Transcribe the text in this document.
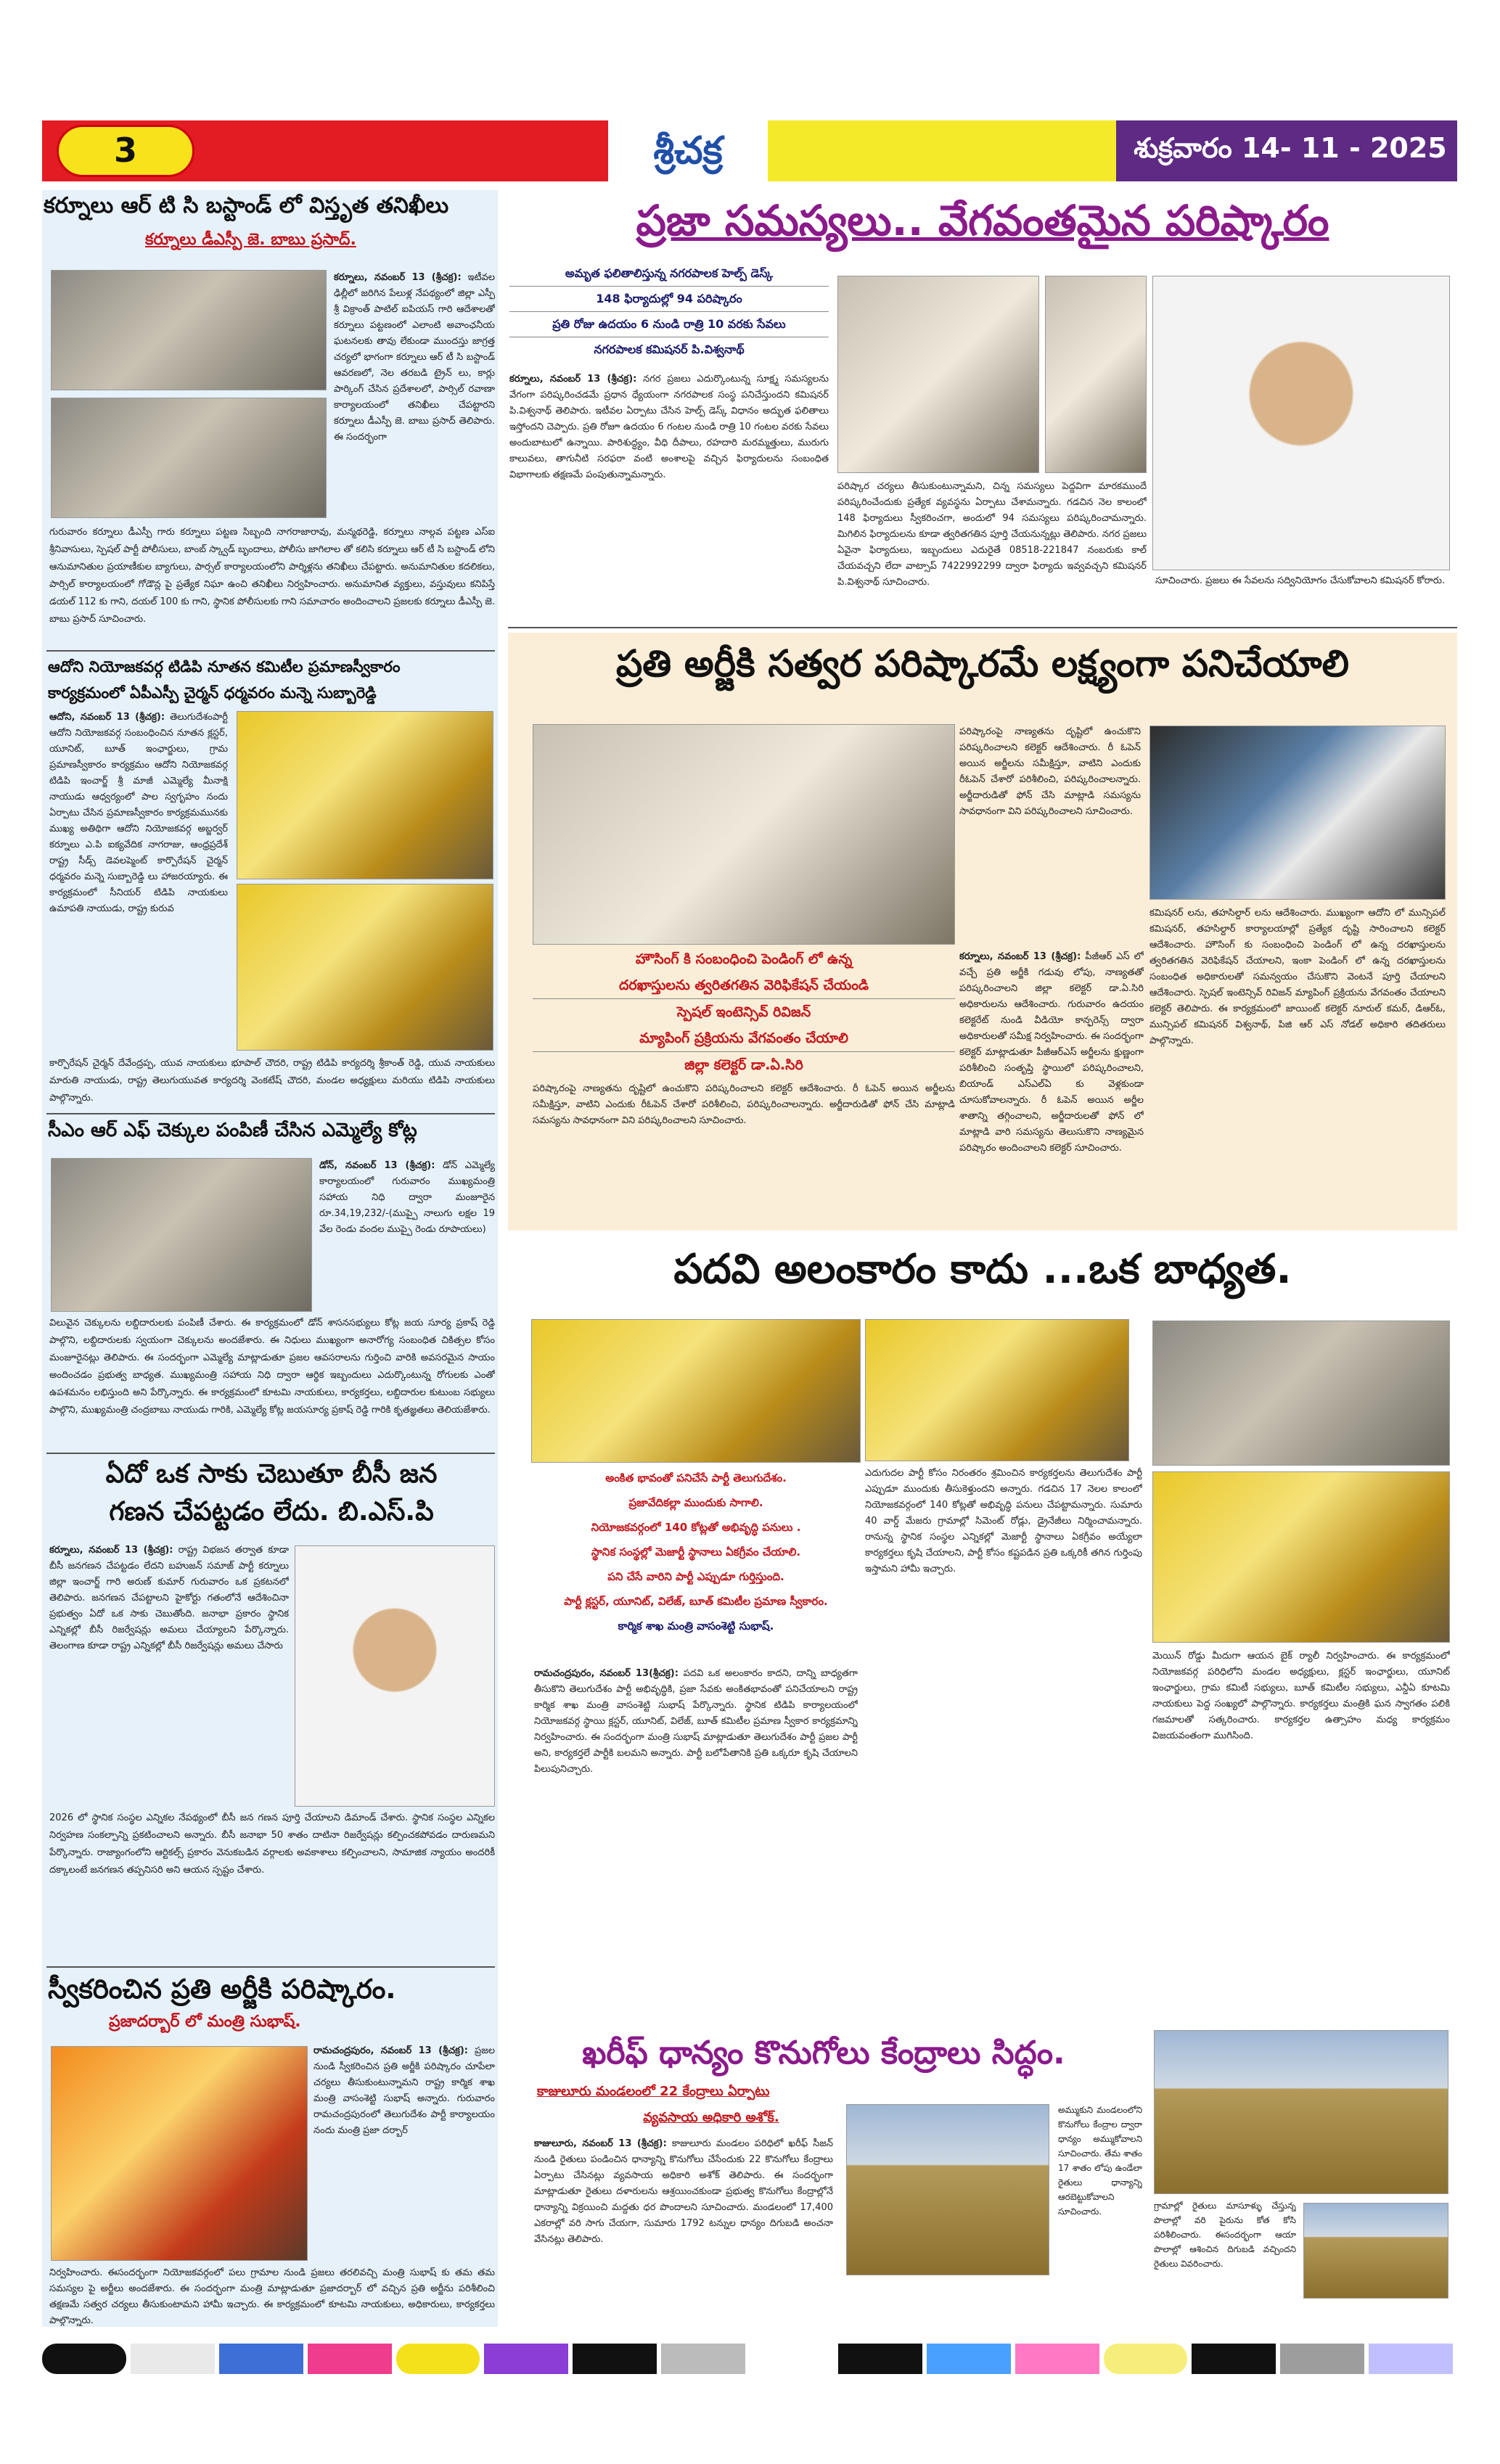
3	శ్రీచక్ర	శుక్రవారం 14- 11 - 2025
కర్నూలు ఆర్ టి సి బస్టాండ్ లో విస్తృత తనిఖీలు
కర్నూలు డీఎస్పీ జె. బాబు ప్రసాద్.
కర్నూలు, నవంబర్ 13 (శ్రీచక్ర): ఇటీవల ఢిల్లీలో జరిగిన పేలుళ్ల నేపథ్యంలో జిల్లా ఎస్పీ శ్రీ విక్రాంత్ పాటిల్ ఐపియస్ గారి ఆదేశాలతో కర్నూలు పట్టణంలో ఎలాంటి అవాంఛనీయ ఘటనలకు తావు లేకుండా ముందస్తు జాగ్రత్త చర్యలో భాగంగా కర్నూలు ఆర్ టీ సి బస్టాండ్ ఆవరణలో, నెల తరబడి ట్రైన్ లు, కార్లు పార్కింగ్ చేసిన ప్రదేశాలలో, పార్సిల్ రవాణా కార్యాలయంలో తనిఖీలు చేపట్టారని కర్నూలు డీఎస్పీ జె. బాబు ప్రసాద్ తెలిపారు. ఈ సందర్భంగా
గురువారం కర్నూలు డీఎస్పీ గారు కర్నూలు పట్టణ సిబ్బంది నాగరాజారావు, మన్మథరెడ్డి, కర్నూలు నాల్గవ పట్టణ ఎస్ఐ శ్రీనివాసులు, స్పెషల్ పార్టీ పోలీసులు, బాంబ్ స్క్వాడ్ బృందాలు, పోలీసు జాగిలాల తో కలిసి కర్నూలు ఆర్ టీ సి బస్టాండ్ లోని ఆనుమానితుల ప్రయాణీకుల బ్యాగులు, పార్సల్ కార్యాలయంలోని పార్శిళ్లను తనిఖీలు చేపట్టారు. అనుమానితుల కదలికలు, పార్సిల్ కార్యాలయంలో గోడౌన్ల పై ప్రత్యేక నిఘా ఉంచి తనిఖీలు నిర్వహించారు. అనుమానిత వ్యక్తులు, వస్తువులు కనిపిస్తే డయల్ 112 కు గాని, దయల్ 100 కు గాని, స్థానిక పోలీసులకు గాని సమాచారం అందించాలని ప్రజలకు కర్నూలు డీఎస్పీ జె. బాబు ప్రసాద్ సూచించారు.
ఆదోని నియోజకవర్గ టిడిపి నూతన కమిటీల ప్రమాణస్వీకారం
కార్యక్రమంలో ఏపీఎస్పీ చైర్మన్ ధర్మవరం మన్నె సుబ్బారెడ్డి
ఆదోని, నవంబర్ 13 (శ్రీచక్ర): తెలుగుదేశంపార్టీ ఆదోని నియోజకవర్గ సంబంధించిన నూతన క్లస్టర్, యూనిట్, బూత్ ఇంఛార్జులు, గ్రామ ప్రమాణస్వీకారం కార్యక్రమం ఆదోని నియోజకవర్గ టిడిపి ఇంచార్జ్ శ్రీ మాజీ ఎమ్మెల్యే మీనాక్షి నాయుడు ఆధ్వర్యంలో పాల స్వగృహం నందు ఏర్పాటు చేసిన ప్రమాణస్వీకారం కార్యక్రమమునకు ముఖ్య అతిథిగా ఆదోని నియోజకవర్గ అబ్జర్వర్ కర్నూలు ఎ.పి ఐక్యవేదిక నాగరాజు, ఆంధ్రప్రదేశ్ రాష్ట్ర సీడ్స్ డెవలప్మెంట్ కార్పొరేషన్ చైర్మన్ ధర్మవరం మన్నె సుబ్బారెడ్డి లు హాజరయ్యారు. ఈ కార్యక్రమంలో సీనియర్ టిడిపి నాయకులు ఉమాపతి నాయుడు, రాష్ట్ర కురువ
కార్పొరేషన్ చైర్మన్ దేవేంద్రప్ప, యువ నాయకులు భూపాల్ చౌదరి, రాష్ట్ర టిడిపి కార్యదర్శి శ్రీకాంత్ రెడ్డి, యువ నాయకులు మారుతి నాయుడు, రాష్ట్ర తెలుగుయువత కార్యదర్శి వెంకటేష్ చౌదరి, మండల అధ్యక్షులు మరియు టిడిపి నాయకులు పాల్గొన్నారు.
సీఎం ఆర్ ఎఫ్ చెక్కుల పంపిణీ చేసిన ఎమ్మెల్యే కోట్ల
డోన్, నవంబర్ 13 (శ్రీచక్ర): డోన్ ఎమ్మెల్యే కార్యాలయంలో గురువారం ముఖ్యమంత్రి సహాయ నిధి ద్వారా మంజూరైన రూ.34,19,232/-(ముప్పై నాలుగు లక్షల 19 వేల రెండు వందల ముప్పై రెండు రూపాయలు)
విలువైన చెక్కులను లబ్దిదారులకు పంపిణీ చేశారు. ఈ కార్యక్రమంలో డోన్ శాసనసభ్యులు కోట్ల జయ సూర్య ప్రకాష్ రెడ్డి పాల్గొని, లబ్దిదారులకు స్వయంగా చెక్కులను అందజేశారు. ఈ నిధులు ముఖ్యంగా అనారోగ్య సంబంధిత చికిత్సల కోసం మంజూరైనట్లు తెలిపారు. ఈ సందర్భంగా ఎమ్మెల్యే మాట్లాడుతూ ప్రజల ఆవసరాలను గుర్తించి వారికి అవసరమైన సాయం అందించడం ప్రభుత్వ బాధ్యత. ముఖ్యమంత్రి సహాయ నిధి ద్వారా ఆర్థిక ఇబ్బందులు ఎదుర్కొంటున్న రోగులకు ఎంతో ఉపశమనం లభిస్తుంది అని పేర్కొన్నారు. ఈ కార్యక్రమంలో కూటమి నాయకులు, కార్యకర్తలు, లబ్దిదారుల కుటుంబ సభ్యులు పాల్గొని, ముఖ్యమంత్రి చంద్రబాబు నాయుడు గారికి, ఎమ్మెల్యే కోట్ల జయసూర్య ప్రకాష్ రెడ్డి గారికి కృతజ్ఞతలు తెలియజేశారు.
ఏదో ఒక సాకు చెబుతూ బీసీ జన
గణన చేపట్టడం లేదు. బి.ఎస్.పి
కర్నూలు, నవంబర్ 13 (శ్రీచక్ర): రాష్ట్ర విభజన తర్వాత కూడా బీసీ జనగణన చేపట్టడం లేదని బహుజన్ సమాజ్ పార్టీ కర్నూలు జిల్లా ఇంచార్జ్ గారి అరుణ్ కుమార్ గురువారం ఒక ప్రకటనలో తెలిపారు. జనగణన చేపట్టాలని హైకోర్టు గతంలోనే ఆదేశించినా ప్రభుత్వం ఏదో ఒక సాకు చెబుతోంది. జనాభా ప్రకారం స్థానిక ఎన్నికల్లో బీసీ రిజర్వేషన్లు అమలు చేయ్యాలని పేర్కొన్నారు. తెలంగాణ కూడా రాష్ట్ర ఎన్నికల్లో బీసీ రిజర్వేషన్లు అమలు చేసారు
2026 లో స్థానిక సంస్థల ఎన్నికల నేపథ్యంలో బీసీ జన గణన పూర్తి చేయాలని డిమాండ్ చేశారు. స్థానిక సంస్థల ఎన్నికల నిర్వహణ సంకల్పాన్ని ప్రకటించాలని అన్నారు. బీసీ జనాభా 50 శాతం దాటినా రిజర్వేషన్లు కల్పించకపోవడం దారుణమని పేర్కొన్నారు. రాజ్యాంగంలోని ఆర్టికల్స్ ప్రకారం వెనుకబడిన వర్గాలకు అవకాశాలు కల్పించాలని, సామాజిక న్యాయం అందరికీ దక్కాలంటే జనగణన తప్పనిసరి అని ఆయన స్పష్టం చేశారు.
స్వీకరించిన ప్రతి అర్జీకి పరిష్కారం.
ప్రజాదర్బార్ లో మంత్రి సుభాష్.
రామచంద్రపురం, నవంబర్ 13 (శ్రీచక్ర): ప్రజల నుండి స్వీకరించిన ప్రతి అర్జీకి పరిష్కారం చూపేలా చర్యలు తీసుకుంటున్నామని రాష్ట్ర కార్మిక శాఖ మంత్రి వాసంశెట్టి సుభాష్ అన్నారు. గురువారం రామచంద్రపురంలో తెలుగుదేశం పార్టీ కార్యాలయం నందు మంత్రి ప్రజా దర్బార్
నిర్వహించారు. ఈసందర్భంగా నియోజకవర్గంలో పలు గ్రామాల నుండి ప్రజలు తరలివచ్చి మంత్రి సుభాష్ కు తమ తమ సమస్యల పై అర్జీలు అందజేశారు. ఈ సందర్భంగా మంత్రి మాట్లాడుతూ ప్రజాదర్బార్ లో వచ్చిన ప్రతి అర్జీను పరిశీలించి తక్షణమే సత్వర చర్యలు తీసుకుంటామని హామీ ఇచ్చారు. ఈ కార్యక్రమంలో కూటమి నాయకులు, అధికారులు, కార్యకర్తలు పాల్గొన్నారు.
ప్రజా సమస్యలు.. వేగవంతమైన పరిష్కారం
అమృత ఫలితాలిస్తున్న నగరపాలక హెల్ప్ డెస్క్
148 ఫిర్యాదుల్లో 94 పరిష్కారం
ప్రతి రోజు ఉదయం 6 నుండి రాత్రి 10 వరకు సేవలు
నగరపాలక కమిషనర్ పి.విశ్వనాథ్
కర్నూలు, నవంబర్ 13 (శ్రీచక్ర): నగర ప్రజలు ఎదుర్కొంటున్న సూక్ష్మ సమస్యలను వేగంగా పరిష్కరించడమే ప్రధాన ధ్యేయంగా నగరపాలక సంస్థ పనిచేస్తుందని కమిషనర్ పి.విశ్వనాథ్ తెలిపారు. ఇటీవల ఏర్పాటు చేసిన హెల్ప్ డెస్క్ విధానం అద్భుత ఫలితాలు ఇస్తోందని చెప్పారు. ప్రతి రోజూ ఉదయం 6 గంటల నుండి రాత్రి 10 గంటల వరకు సేవలు అందుబాటులో ఉన్నాయి. పారిశుద్ధ్యం, వీధి దీపాలు, రహదారి మరమ్మత్తులు, మురుగు కాలువలు, తాగునీటి సరఫరా వంటి అంశాలపై వచ్చిన ఫిర్యాదులను సంబంధిత విభాగాలకు తక్షణమే పంపుతున్నామన్నారు.
పరిష్కార చర్యలు తీసుకుంటున్నామని, చిన్న సమస్యలు పెద్దవిగా మారకముందే పరిష్కరించేందుకు ప్రత్యేక వ్యవస్థను ఏర్పాటు చేశామన్నారు. గడచిన నెల కాలంలో 148 ఫిర్యాదులు స్వీకరించగా, అందులో 94 సమస్యలు పరిష్కరించామన్నారు. మిగిలిన ఫిర్యాదులను కూడా త్వరితగతిన పూర్తి చేయనున్నట్లు తెలిపారు. నగర ప్రజలు ఏవైనా ఫిర్యాదులు, ఇబ్బందులు ఎదురైతే 08518-221847 నంబరుకు కాల్ చేయవచ్చని లేదా వాట్సాప్ 7422992299 ద్వారా ఫిర్యాదు ఇవ్వవచ్చని కమిషనర్ పి.విశ్వనాథ్ సూచించారు.	సూచించారు. ప్రజలు ఈ సేవలను సద్వినియోగం చేసుకోవాలని కమిషనర్ కోరారు.
ప్రతి అర్జీకి సత్వర పరిష్కారమే లక్ష్యంగా పనిచేయాలి
పరిష్కారంపై నాణ్యతను దృష్టిలో ఉంచుకొని పరిష్కరించాలని కలెక్టర్ ఆదేశించారు. రీ ఓపెన్ అయిన అర్జీలను సమీక్షిస్తూ, వాటిని ఎందుకు రీఓపెన్ చేశారో పరిశీలించి, పరిష్కరించాలన్నారు. అర్జీదారుడితో ఫోన్ చేసి మాట్లాడి సమస్యను సావధానంగా విని పరిష్కరించాలని సూచించారు.
కమిషనర్ లను, తహసిల్దార్ లను ఆదేశించారు. ముఖ్యంగా ఆదోని లో మున్సిపల్ కమిషనర్, తహసిల్దార్ కార్యాలయాల్లో ప్రత్యేక దృష్టి సారించాలని కలెక్టర్ ఆదేశించారు. హౌసింగ్ కు సంబంధించి పెండింగ్ లో ఉన్న దరఖాస్తులను త్వరితగతిన వెరిఫికేషన్ చేయాలని, ఇంకా పెండింగ్ లో ఉన్న దరఖాస్తులను సంబంధిత అధికారులతో సమన్వయం చేసుకొని వెంటనే పూర్తి చేయాలని ఆదేశించారు. స్పెషల్ ఇంటెన్సివ్ రివిజన్ మ్యాపింగ్ ప్రక్రియను వేగవంతం చేయాలని కలెక్టర్ తెలిపారు. ఈ కార్యక్రమంలో జాయింట్ కలెక్టర్ నూరుల్ కమర్, డిఆర్ఓ, మున్సిపల్ కమిషనర్ విశ్వనాథ్, పిజి ఆర్ ఎస్ నోడల్ అధికారి తదితరులు పాల్గొన్నారు.
హౌసింగ్ కి సంబంధించి పెండింగ్ లో ఉన్న
దరఖాస్తులను త్వరితగతిన వెరిఫికేషన్ చేయండి
స్పెషల్ ఇంటెన్సివ్ రివిజన్
మ్యాపింగ్ ప్రక్రియను వేగవంతం చేయాలి
జిల్లా కలెక్టర్ డా.ఏ.సిరి
కర్నూలు, నవంబర్ 13 (శ్రీచక్ర): పీజీఆర్ ఎస్ లో వచ్చే ప్రతి అర్జీకి గడువు లోపు, నాణ్యతతో పరిష్కరించాలని జిల్లా కలెక్టర్ డా.ఏ.సిరి అధికారులను ఆదేశించారు. గురువారం ఉదయం కలెక్టరేట్ నుండి వీడియో కాన్ఫరెన్స్ ద్వారా అధికారులతో సమీక్ష నిర్వహించారు. ఈ సందర్భంగా కలెక్టర్ మాట్లాడుతూ పీజీఆర్ఎస్ అర్జీలను క్షుణ్ణంగా పరిశీలించి సంతృప్తి స్థాయిలో పరిష్కరించాలని, బియాండ్ ఎస్ఎల్ఏ కు వెళ్లకుండా చూసుకోవాలన్నారు. రీ ఓపెన్ అయిన అర్జీల శాతాన్ని తగ్గించాలని, అర్జీదారులతో ఫోన్ లో మాట్లాడి వారి సమస్యను తెలుసుకొని నాణ్యమైన పరిష్కారం అందించాలని కలెక్టర్ సూచించారు.
పరిష్కారంపై నాణ్యతను దృష్టిలో ఉంచుకొని పరిష్కరించాలని కలెక్టర్ ఆదేశించారు. రీ ఓపెన్ అయిన అర్జీలను సమీక్షిస్తూ, వాటిని ఎందుకు రీఓపెన్ చేశారో పరిశీలించి, పరిష్కరించాలన్నారు. అర్జీదారుడితో ఫోన్ చేసి మాట్లాడి సమస్యను సావధానంగా విని పరిష్కరించాలని సూచించారు.
పదవి అలంకారం కాదు ...ఒక బాధ్యత.
అంకిత భావంతో పనిచేసే పార్టీ తెలుగుదేశం.
ప్రజావేదికల్లా ముందుకు సాగాలి.
నియోజకవర్గంలో 140 కోట్లతో అభివృద్ధి పనులు .
స్థానిక సంస్థల్లో మెజార్టీ స్థానాలు ఏకగ్రీవం చేయాలి.
పని చేసే వారిని పార్టీ ఎప్పుడూ గుర్తిస్తుంది.
పార్టీ క్లస్టర్, యూనిట్, విలేజ్, బూత్ కమిటీల ప్రమాణ స్వీకారం.
కార్మిక శాఖ మంత్రి వాసంశెట్టి సుభాష్.
ఎదుగుదల పార్టీ కోసం నిరంతరం శ్రమించిన కార్యకర్తలను తెలుగుదేశం పార్టీ ఎప్పుడూ ముందుకు తీసుకెళ్తుందని అన్నారు. గడచిన 17 నెలల కాలంలో నియోజకవర్గంలో 140 కోట్లతో అభివృద్ధి పనులు చేపట్టామన్నారు. సుమారు 40 వార్డ్ మేజరు గ్రామాల్లో సిమెంట్ రోడ్లు, డ్రైనేజీలు నిర్మించామన్నారు. రానున్న స్థానిక సంస్థల ఎన్నికల్లో మెజార్టీ స్థానాలు ఏకగ్రీవం అయ్యేలా కార్యకర్తలు కృషి చేయాలని, పార్టీ కోసం కష్టపడిన ప్రతి ఒక్కరికీ తగిన గుర్తింపు ఇస్తామని హామీ ఇచ్చారు.
రామచంద్రపురం, నవంబర్ 13(శ్రీచక్ర): పదవి ఒక అలంకారం కాదని, దాన్ని బాధ్యతగా తీసుకొని తెలుగుదేశం పార్టీ అభివృద్ధికి, ప్రజా సేవకు అంకితభావంతో పనిచేయాలని రాష్ట్ర కార్మిక శాఖ మంత్రి వాసంశెట్టి సుభాష్ పేర్కొన్నారు. స్థానిక టిడిపి కార్యాలయంలో నియోజకవర్గ స్థాయి క్లస్టర్, యూనిట్, విలేజ్, బూత్ కమిటీల ప్రమాణ స్వీకార కార్యక్రమాన్ని నిర్వహించారు. ఈ సందర్భంగా మంత్రి సుభాష్ మాట్లాడుతూ తెలుగుదేశం పార్టీ ప్రజల పార్టీ అని, కార్యకర్తలే పార్టీకి బలమని అన్నారు. పార్టీ బలోపేతానికి ప్రతి ఒక్కరూ కృషి చేయాలని పిలుపునిచ్చారు.
మెయిన్ రోడ్డు మీదుగా ఆయన బైక్ ర్యాలీ నిర్వహించారు. ఈ కార్యక్రమంలో నియోజకవర్గ పరిధిలోని మండల అధ్యక్షులు, క్లస్టర్ ఇంఛార్జులు, యూనిట్ ఇంఛార్జులు, గ్రామ కమిటీ సభ్యులు, బూత్ కమిటీల సభ్యులు, ఎన్డీఏ కూటమి నాయకులు పెద్ద సంఖ్యలో పాల్గొన్నారు. కార్యకర్తలు మంత్రికి ఘన స్వాగతం పలికి గజమాలతో సత్కరించారు. కార్యకర్తల ఉత్సాహం మధ్య కార్యక్రమం విజయవంతంగా ముగిసింది.
ఖరీఫ్ ధాన్యం కొనుగోలు కేంద్రాలు సిద్ధం.
కాజులూరు మండలంలో 22 కేంద్రాలు ఏర్పాటు
వ్యవసాయ అధికారి అశోక్.
కాజులూరు, నవంబర్ 13 (శ్రీచక్ర): కాజులూరు మండలం పరిధిలో ఖరీఫ్ సీజన్ నుండి రైతులు పండించిన ధాన్యాన్ని కొనుగోలు చేసేందుకు 22 కొనుగోలు కేంద్రాలు ఏర్పాటు చేసినట్లు వ్యవసాయ అధికారి అశోక్ తెలిపారు. ఈ సందర్భంగా మాట్లాడుతూ రైతులు దళారులను ఆశ్రయించకుండా ప్రభుత్వ కొనుగోలు కేంద్రాల్లోనే ధాన్యాన్ని విక్రయించి మద్దతు ధర పొందాలని సూచించారు. మండలంలో 17,400 ఎకరాల్లో వరి సాగు చేయగా, సుమారు 1792 టన్నుల ధాన్యం దిగుబడి అంచనా వేసినట్లు తెలిపారు.
అమ్ముకుని మండలంలోని కొనుగోలు కేంద్రాల ద్వారా ధాన్యం అమ్ముకోవాలని సూచించారు. తేమ శాతం 17 శాతం లోపు ఉండేలా రైతులు ధాన్యాన్ని ఆరబెట్టుకోవాలని సూచించారు.
గ్రామాల్లో రైతులు మాసూళ్ళు చేస్తున్న పొలాల్లో వరి పైరును కోత కోసి పరిశీలించారు. ఈసందర్భంగా ఆయా పొలాల్లో ఆశించిన దిగుబడి వచ్చిందని రైతులు వివరించారు.
